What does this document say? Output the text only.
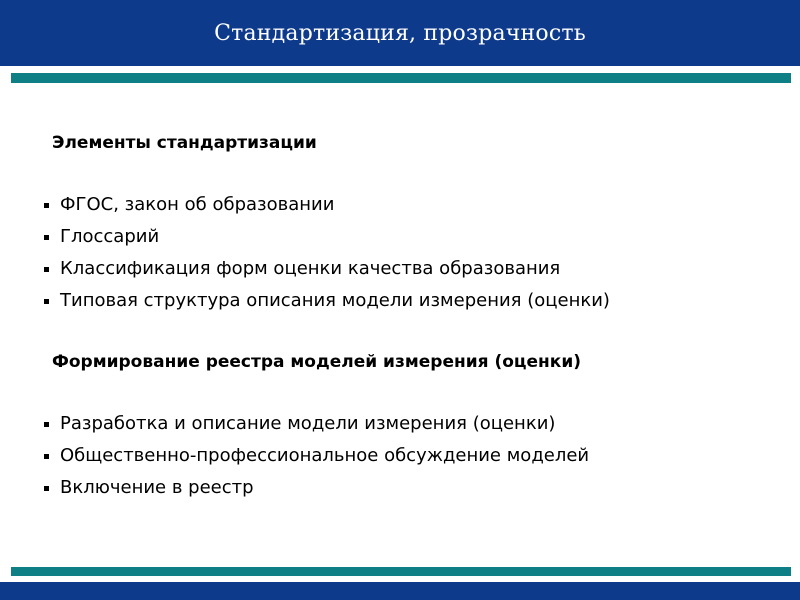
Стандартизация, прозрачность
Элементы стандартизации
ФГОС, закон об образовании
Глоссарий
Классификация форм оценки качества образования
Типовая структура описания модели измерения (оценки)
Формирование реестра моделей измерения (оценки)
Разработка и описание модели измерения (оценки)
Общественно-профессиональное обсуждение моделей
Включение в реестр
